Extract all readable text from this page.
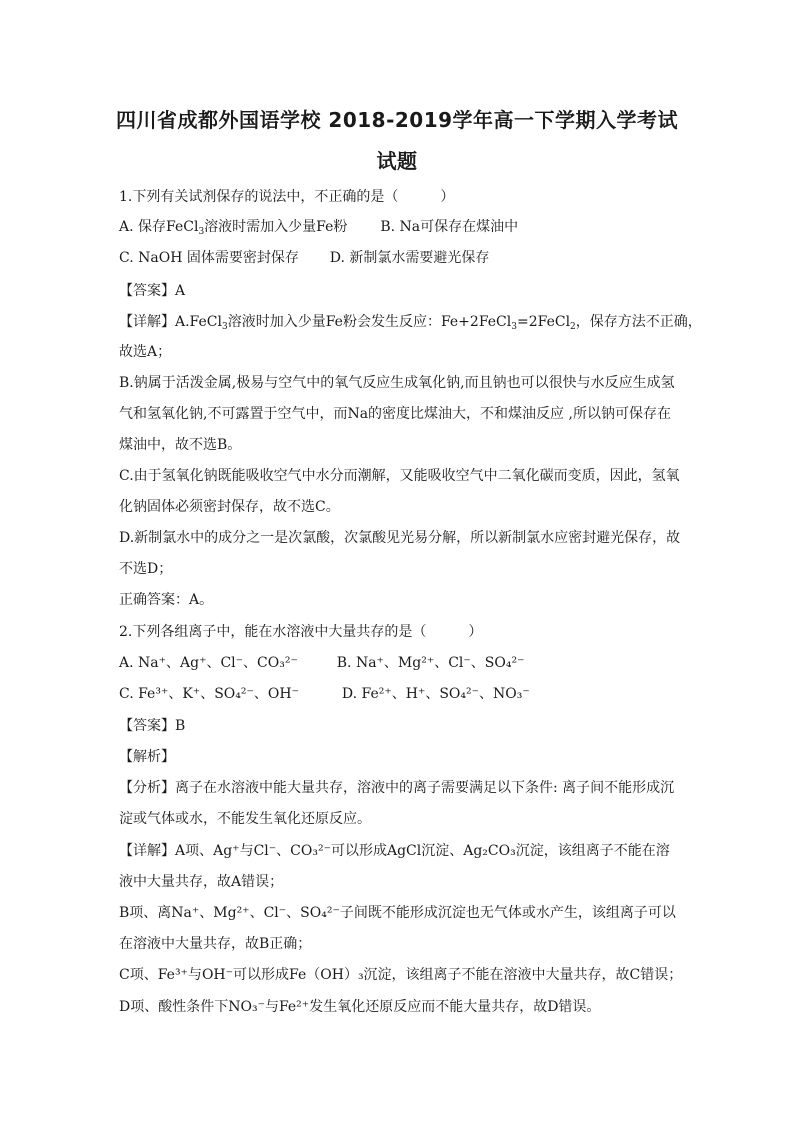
四川省成都外国语学校 2018-2019学年高一下学期入学考试
试题
1.下列有关试剂保存的说法中，不正确的是（　　　）
A. 保存FeCl$_3$溶液时需加入少量Fe粉 B. Na可保存在煤油中
C. NaOH 固体需要密封保存 D. 新制氯水需要避光保存
【答案】A
【详解】A.FeCl$_3$溶液时加入少量Fe粉会发生反应：Fe+2FeCl$_3$=2FeCl$_2$，保存方法不正确，
故选A；
B.钠属于活泼金属,极易与空气中的氧气反应生成氧化钠,而且钠也可以很快与水反应生成氢
气和氢氧化钠,不可露置于空气中，而Na的密度比煤油大，不和煤油反应 ,所以钠可保存在
煤油中，故不选B。
C.由于氢氧化钠既能吸收空气中水分而潮解，又能吸收空气中二氧化碳而变质，因此，氢氧
化钠固体必须密封保存，故不选C。
D.新制氯水中的成分之一是次氯酸，次氯酸见光易分解，所以新制氯水应密封避光保存，故
不选D；
正确答案：A。
2.下列各组离子中，能在水溶液中大量共存的是（　　　）
A. Na⁺、Ag⁺、Cl⁻、CO₃²⁻	B. Na⁺、Mg²⁺、Cl⁻、SO₄²⁻
C. Fe³⁺、K⁺、SO₄²⁻、OH⁻	D. Fe²⁺、H⁺、SO₄²⁻、NO₃⁻
【答案】B
【解析】
【分析】离子在水溶液中能大量共存，溶液中的离子需要满足以下条件: 离子间不能形成沉
淀或气体或水，不能发生氧化还原反应。
【详解】A项、Ag⁺与Cl⁻、CO₃²⁻可以形成AgCl沉淀、Ag₂CO₃沉淀，该组离子不能在溶
液中大量共存，故A错误；
B项、离Na⁺、Mg²⁺、Cl⁻、SO₄²⁻子间既不能形成沉淀也无气体或水产生，该组离子可以
在溶液中大量共存，故B正确；
C项、Fe³⁺与OH⁻可以形成Fe（OH）₃沉淀，该组离子不能在溶液中大量共存，故C错误；
D项、酸性条件下NO₃⁻与Fe²⁺发生氧化还原反应而不能大量共存，故D错误。
